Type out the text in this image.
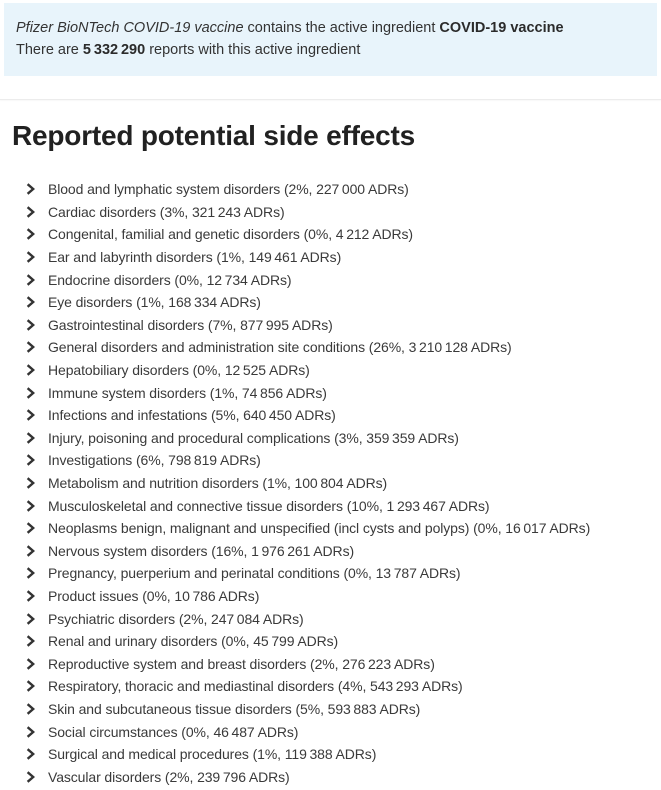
Pfizer BioNTech COVID-19 vaccine contains the active ingredient COVID-19 vaccine
There are 5 332 290 reports with this active ingredient
Reported potential side effects
Blood and lymphatic system disorders (2%, 227 000 ADRs)
Cardiac disorders (3%, 321 243 ADRs)
Congenital, familial and genetic disorders (0%, 4 212 ADRs)
Ear and labyrinth disorders (1%, 149 461 ADRs)
Endocrine disorders (0%, 12 734 ADRs)
Eye disorders (1%, 168 334 ADRs)
Gastrointestinal disorders (7%, 877 995 ADRs)
General disorders and administration site conditions (26%, 3 210 128 ADRs)
Hepatobiliary disorders (0%, 12 525 ADRs)
Immune system disorders (1%, 74 856 ADRs)
Infections and infestations (5%, 640 450 ADRs)
Injury, poisoning and procedural complications (3%, 359 359 ADRs)
Investigations (6%, 798 819 ADRs)
Metabolism and nutrition disorders (1%, 100 804 ADRs)
Musculoskeletal and connective tissue disorders (10%, 1 293 467 ADRs)
Neoplasms benign, malignant and unspecified (incl cysts and polyps) (0%, 16 017 ADRs)
Nervous system disorders (16%, 1 976 261 ADRs)
Pregnancy, puerperium and perinatal conditions (0%, 13 787 ADRs)
Product issues (0%, 10 786 ADRs)
Psychiatric disorders (2%, 247 084 ADRs)
Renal and urinary disorders (0%, 45 799 ADRs)
Reproductive system and breast disorders (2%, 276 223 ADRs)
Respiratory, thoracic and mediastinal disorders (4%, 543 293 ADRs)
Skin and subcutaneous tissue disorders (5%, 593 883 ADRs)
Social circumstances (0%, 46 487 ADRs)
Surgical and medical procedures (1%, 119 388 ADRs)
Vascular disorders (2%, 239 796 ADRs)
